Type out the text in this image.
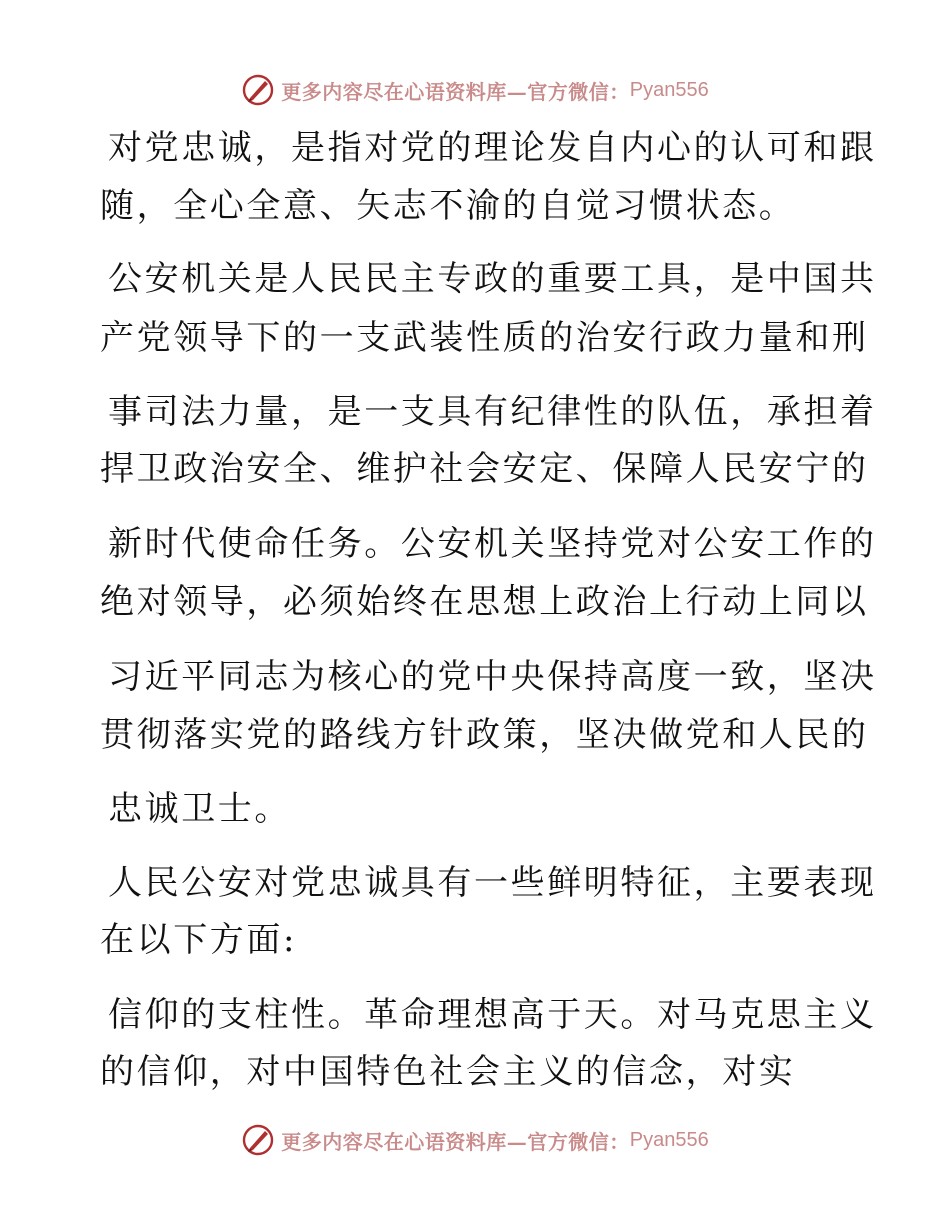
更多内容尽在心语资料库—官方微信： Pyan556
对党忠诚，是指对党的理论发自内心的认可和跟
随，全心全意、矢志不渝的自觉习惯状态。
公安机关是人民民主专政的重要工具，是中国共
产党领导下的一支武装性质的治安行政力量和刑
事司法力量，是一支具有纪律性的队伍，承担着
捍卫政治安全、维护社会安定、保障人民安宁的
新时代使命任务。公安机关坚持党对公安工作的
绝对领导，必须始终在思想上政治上行动上同以
习近平同志为核心的党中央保持高度一致，坚决
贯彻落实党的路线方针政策，坚决做党和人民的
忠诚卫士。
人民公安对党忠诚具有一些鲜明特征，主要表现
在以下方面:
信仰的支柱性。革命理想高于天。对马克思主义
的信仰，对中国特色社会主义的信念，对实
更多内容尽在心语资料库—官方微信： Pyan556
